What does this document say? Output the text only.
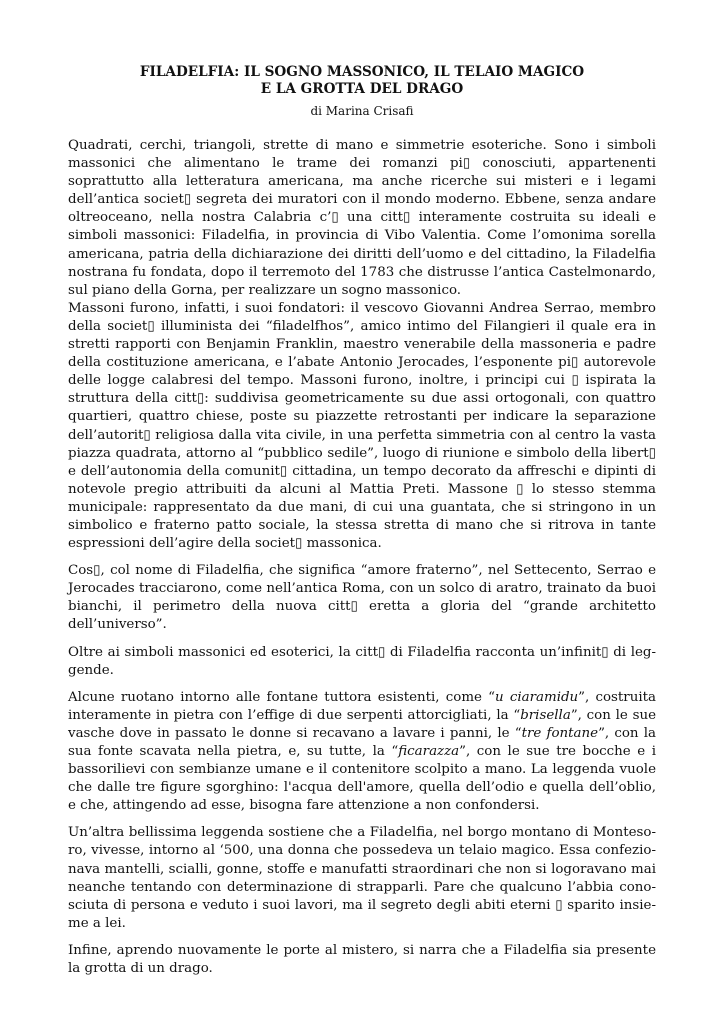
FILADELFIA: IL SOGNO MASSONICO, IL TELAIO MAGICO
E LA GROTTA DEL DRAGO

di Marina Crisafi

Quadrati, cerchi, triangoli, strette di mano e simmetrie esoteriche. Sono i simboli massonici che alimentano le trame dei romanzi pi▯ conosciuti, appartenenti soprattutto alla letteratura americana, ma anche ricerche sui misteri e i legami dell’antica societ▯ segreta dei muratori con il mondo moderno. Ebbene, senza andare oltreoceano, nella nostra Calabria c’▯ una citt▯ interamente costruita su ideali e simboli massonici: Filadelfia, in provincia di Vibo Valentia. Come l’omonima sorella americana, patria della dichiarazione dei diritti dell’uomo e del cittadino, la Filadelfia nostrana fu fondata, dopo il terremoto del 1783 che distrusse l’antica Castelmonardo, sul piano della Gorna, per realizzare un sogno massonico.

Massoni furono, infatti, i suoi fondatori: il vescovo Giovanni Andrea Serrao, membro della societ▯ illuminista dei “filadelfhos”, amico intimo del Filangieri il quale era in stretti rapporti con Benjamin Franklin, maestro venerabile della massoneria e padre della costituzione americana, e l’abate Antonio Jerocades, l’esponente pi▯ autorevole delle logge calabresi del tempo. Massoni furono, inoltre, i principi cui ▯ ispirata la struttura della citt▯: suddivisa geometricamente su due assi ortogonali, con quattro quartieri, quattro chiese, poste su piazzette retrostanti per indicare la separazione dell’autorit▯ religiosa dalla vita civile, in una perfetta simmetria con al centro la vasta piazza quadrata, attorno al “pubblico sedile”, luogo di riunione e simbolo della libert▯ e dell’autonomia della comunit▯ cittadina, un tempo decorato da affreschi e dipinti di notevole pregio attribuiti da alcuni al Mattia Preti. Massone ▯ lo stesso stemma municipale: rappresentato da due mani, di cui una guantata, che si stringono in un simbolico e fraterno patto sociale, la stessa stretta di mano che si ritrova in tante espressioni dell’agire della societ▯ massonica.

Cos▯, col nome di Filadelfia, che significa “amore fraterno”, nel Settecento, Serrao e Jerocades tracciarono, come nell’antica Roma, con un solco di aratro, trainato da buoi bianchi, il perimetro della nuova citt▯ eretta a gloria del “grande architetto dell’universo”.

Oltre ai simboli massonici ed esoterici, la citt▯ di Filadelfia racconta un’infinit▯ di leggende.

Alcune ruotano intorno alle fontane tuttora esistenti, come “u ciaramidu”, costruita interamente in pietra con l’effige di due serpenti attorcigliati, la “brisella”, con le sue vasche dove in passato le donne si recavano a lavare i panni, le “tre fontane”, con la sua fonte scavata nella pietra, e, su tutte, la “ficarazza”, con le sue tre bocche e i bassorilievi con sembianze umane e il contenitore scolpito a mano. La leggenda vuole che dalle tre figure sgorghino: l'acqua dell'amore, quella dell’odio e quella dell’oblio, e che, attingendo ad esse, bisogna fare attenzione a non confondersi.

Un’altra bellissima leggenda sostiene che a Filadelfia, nel borgo montano di Montesoro, vivesse, intorno al ‘500, una donna che possedeva un telaio magico. Essa confezionava mantelli, scialli, gonne, stoffe e manufatti straordinari che non si logoravano mai neanche tentando con determinazione di strapparli. Pare che qualcuno l’abbia conosciuta di persona e veduto i suoi lavori, ma il segreto degli abiti eterni ▯ sparito insieme a lei.

Infine, aprendo nuovamente le porte al mistero, si narra che a Filadelfia sia presente la grotta di un drago.
